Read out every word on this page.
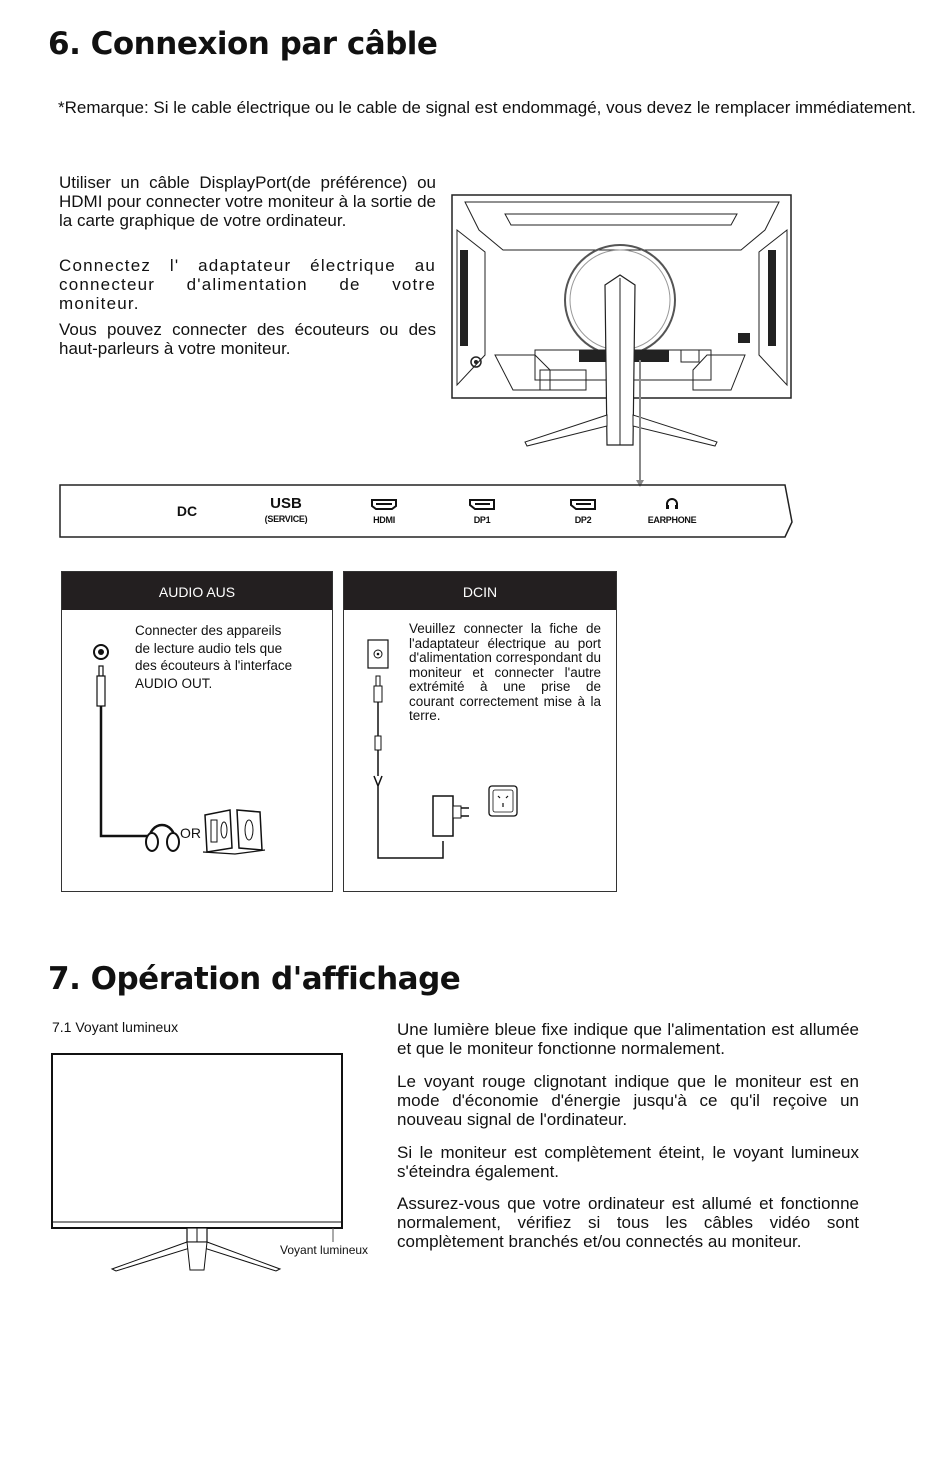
6. Connexion par câble
*Remarque: Si le cable électrique ou le cable de signal est endommagé, vous devez le remplacer immédiatement.
Utiliser un câble DisplayPort(de préférence) ou HDMI pour connecter votre moniteur à la sortie de la carte graphique de votre ordinateur.
Connectez l' adaptateur électrique au connecteur d'alimentation de votre moniteur.
Vous pouvez connecter des écouteurs ou des haut-parleurs à votre moniteur.
DC	USB
(SERVICE)	HDMI	DP1	DP2	EARPHONE
AUDIO AUS
Connecter des appareils de lecture audio tels que des écouteurs à l'interface AUDIO OUT.
OR
DCIN
Veuillez connecter la fiche de l'adaptateur électrique au port d'alimentation correspondant du moniteur et connecter l'autre extrémité à une prise de courant correctement mise à la terre.
7. Opération d'affichage
7.1 Voyant lumineux
Voyant lumineux
Une lumière bleue fixe indique que l'alimentation est allumée et que le moniteur fonctionne normalement.
Le voyant rouge clignotant indique que le moniteur est en mode d'économie d'énergie jusqu'à ce qu'il reçoive un nouveau signal de l'ordinateur.
Si le moniteur est complètement éteint, le voyant lumineux s'éteindra également.
Assurez-vous que votre ordinateur est allumé et fonctionne normalement, vérifiez si tous les câbles vidéo sont complètement branchés et/ou connectés au moniteur.
